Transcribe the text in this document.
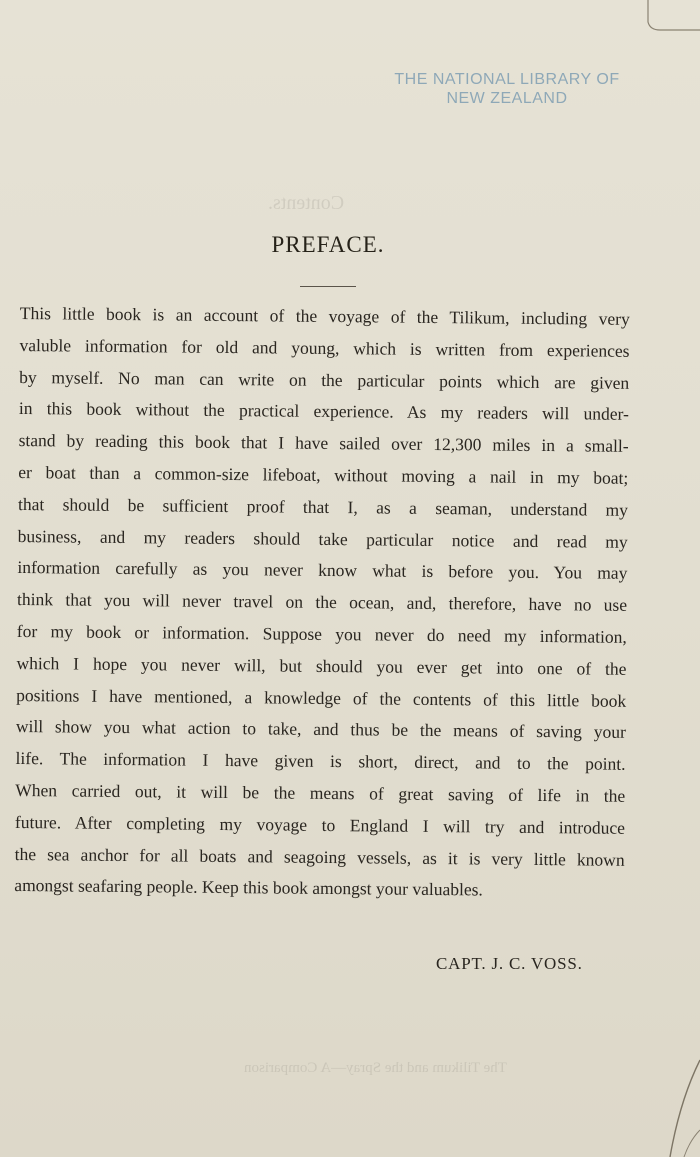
THE NATIONAL LIBRARY OF
NEW ZEALAND
Contents.
The Tilikum and the Spray—A Comparison
PREFACE.
This little book is an account of the voyage of the Tilikum, including very
valuble information for old and young, which is written from experiences
by myself. No man can write on the particular points which are given
in this book without the practical experience. As my readers will under-
stand by reading this book that I have sailed over 12,300 miles in a small-
er boat than a common-size lifeboat, without moving a nail in my boat;
that should be sufficient proof that I, as a seaman, understand my
business, and my readers should take particular notice and read my
information carefully as you never know what is before you. You may
think that you will never travel on the ocean, and, therefore, have no use
for my book or information. Suppose you never do need my information,
which I hope you never will, but should you ever get into one of the
positions I have mentioned, a knowledge of the contents of this little book
will show you what action to take, and thus be the means of saving your
life. The information I have given is short, direct, and to the point.
When carried out, it will be the means of great saving of life in the
future. After completing my voyage to England I will try and introduce
the sea anchor for all boats and seagoing vessels, as it is very little known
amongst seafaring people. Keep this book amongst your valuables.
CAPT. J. C. VOSS.
